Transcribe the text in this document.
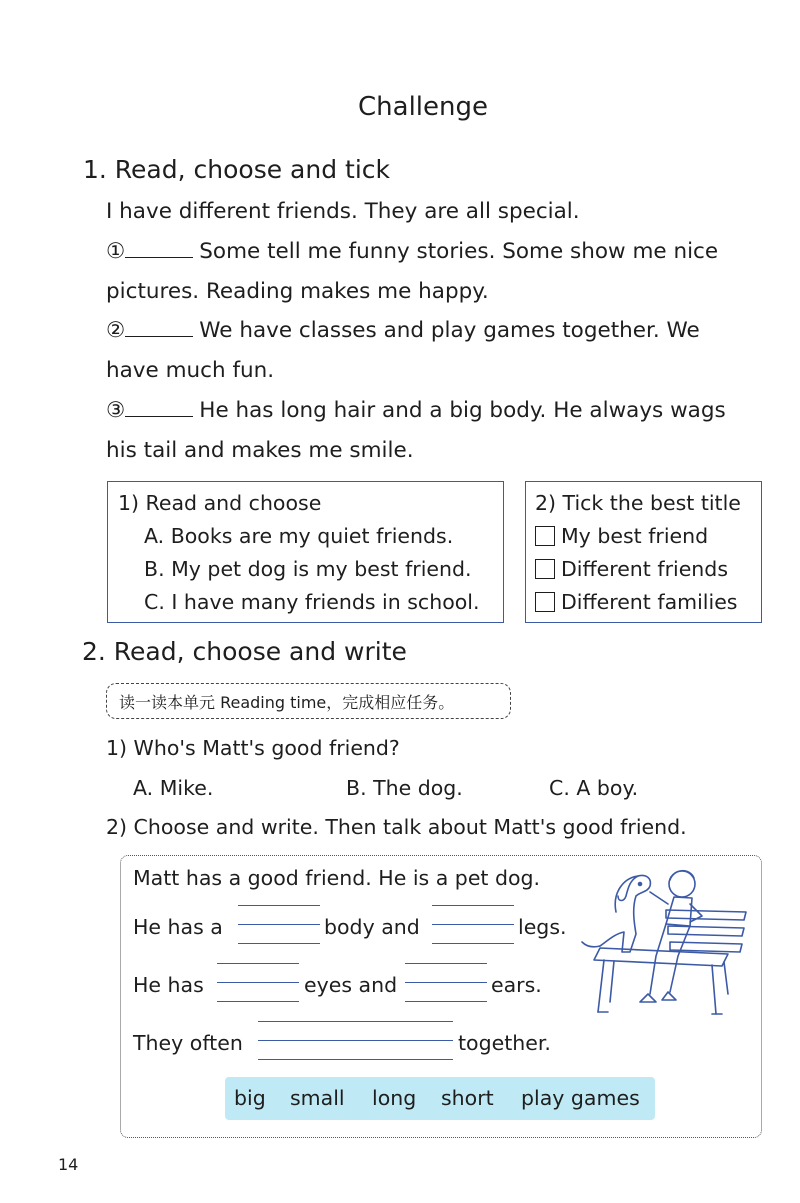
Challenge
1. Read, choose and tick
I have different friends. They are all special.
①	Some tell me funny stories. Some show me nice
pictures. Reading makes me happy.
②	We have classes and play games together. We
have much fun.
③	He has long hair and a big body. He always wags
his tail and makes me smile.
1) Read and choose
A. Books are my quiet friends.
B. My pet dog is my best friend.
C. I have many friends in school.
2) Tick the best title
My best friend
Different friends
Different families
2. Read, choose and write
读一读本单元 Reading time，完成相应任务。
1) Who's Matt's good friend?
A. Mike.	B. The dog.	C. A boy.
2) Choose and write. Then talk about Matt's good friend.
Matt has a good friend. He is a pet dog.
He has a	body and	legs.
He has	eyes and	ears.
They often	together.
big small long short play games
14
